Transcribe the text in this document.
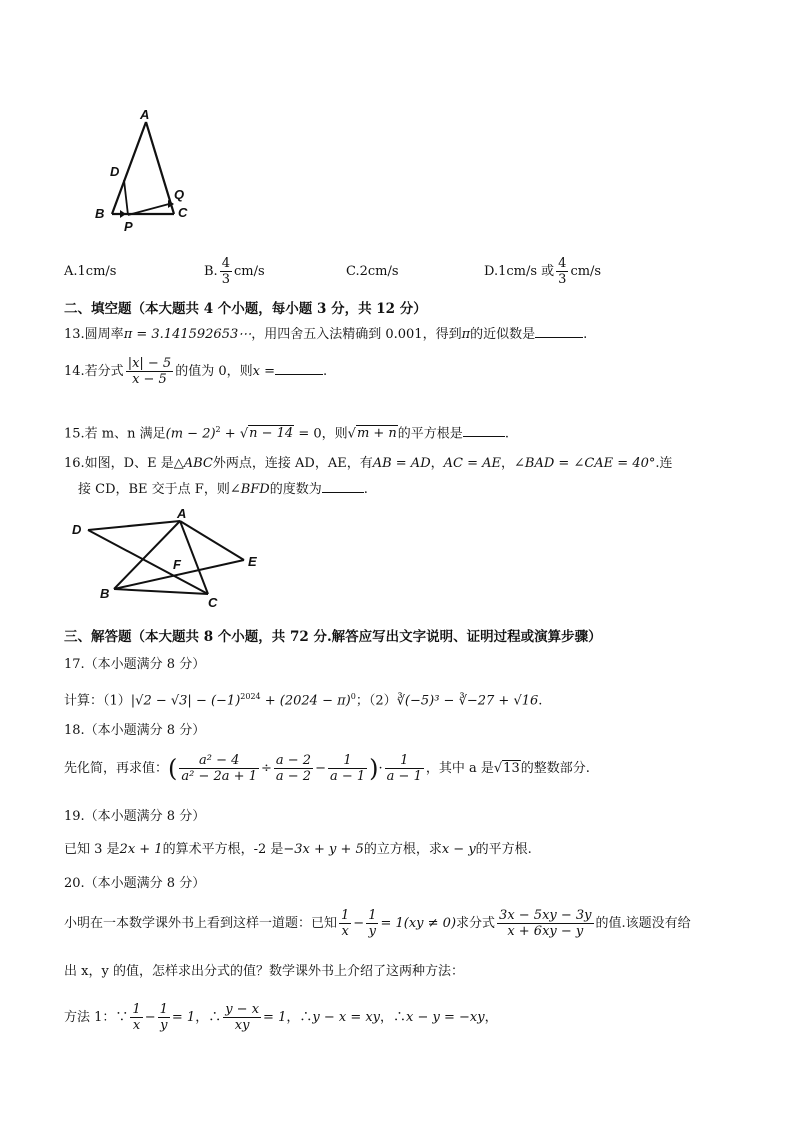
A
D
Q
B
P
C
A.1cm/s	B. $\frac{4}{3} cm/s$	C.2cm/s	D.1cm/s 或 $\frac{4}{3} cm/s$
二、填空题（本大题共 4 个小题，每小题 3 分，共 12 分）
13.圆周率π = 3.141592653⋯，用四舍五入法精确到 0.001，得到π的近似数是	.
14.若分式 $\frac{|x| - 5}{x - 5}$ 的值为 0，则x =	.
15.若 m、n 满足$(m - 2)^2 + √n - 14 = 0$，则√m + n的平方根是	.
16.如图，D、E 是△ABC外两点，连接 AD，AE，有AB = AD，AC = AE，∠BAD = ∠CAE = 40°.连
接 CD，BE 交于点 F，则∠BFD的度数为	.
D
A
E
F
B
C
三、解答题（本大题共 8 个小题，共 72 分.解答应写出文字说明、证明过程或演算步骤）
17.（本小题满分 8 分）
计算：$(1)|√2 - √3| - (-1)^{2024} + (2024 - \pi)^0$；（2）∛(−5)³ − ∛−27 + √16.
18.（本小题满分 8 分）
先化简，再求值：( $\frac{\text{a² − 4}}{\text{a² − 2a + 1}} \div \frac{a - 2}{a - 2} - \frac{1}{a - 1}$ )· $\frac{1}{a - 1}$ ，其中 a 是√13的整数部分.
19.（本小题满分 8 分）
已知 3 是2x + 1的算术平方根，-2 是−3x + y + 5的立方根，求x − y的平方根.
20.（本小题满分 8 分）
小明在一本数学课外书上看到这样一道题：已知 $\frac{1}{x} - \frac{1}{y} = 1(xy \ne 0)$求分式 $\frac{3x - 5xy - 3y}{x + 6xy - y}$ 的值.该题没有给
出 x，y 的值，怎样求出分式的值？数学课外书上介绍了这两种方法：
方法 1：∵ $\frac{1}{x} - \frac{1}{y} = 1$，∴ $\frac{y - x}{xy} = 1$，∴y − x = xy，∴x − y = −xy，
